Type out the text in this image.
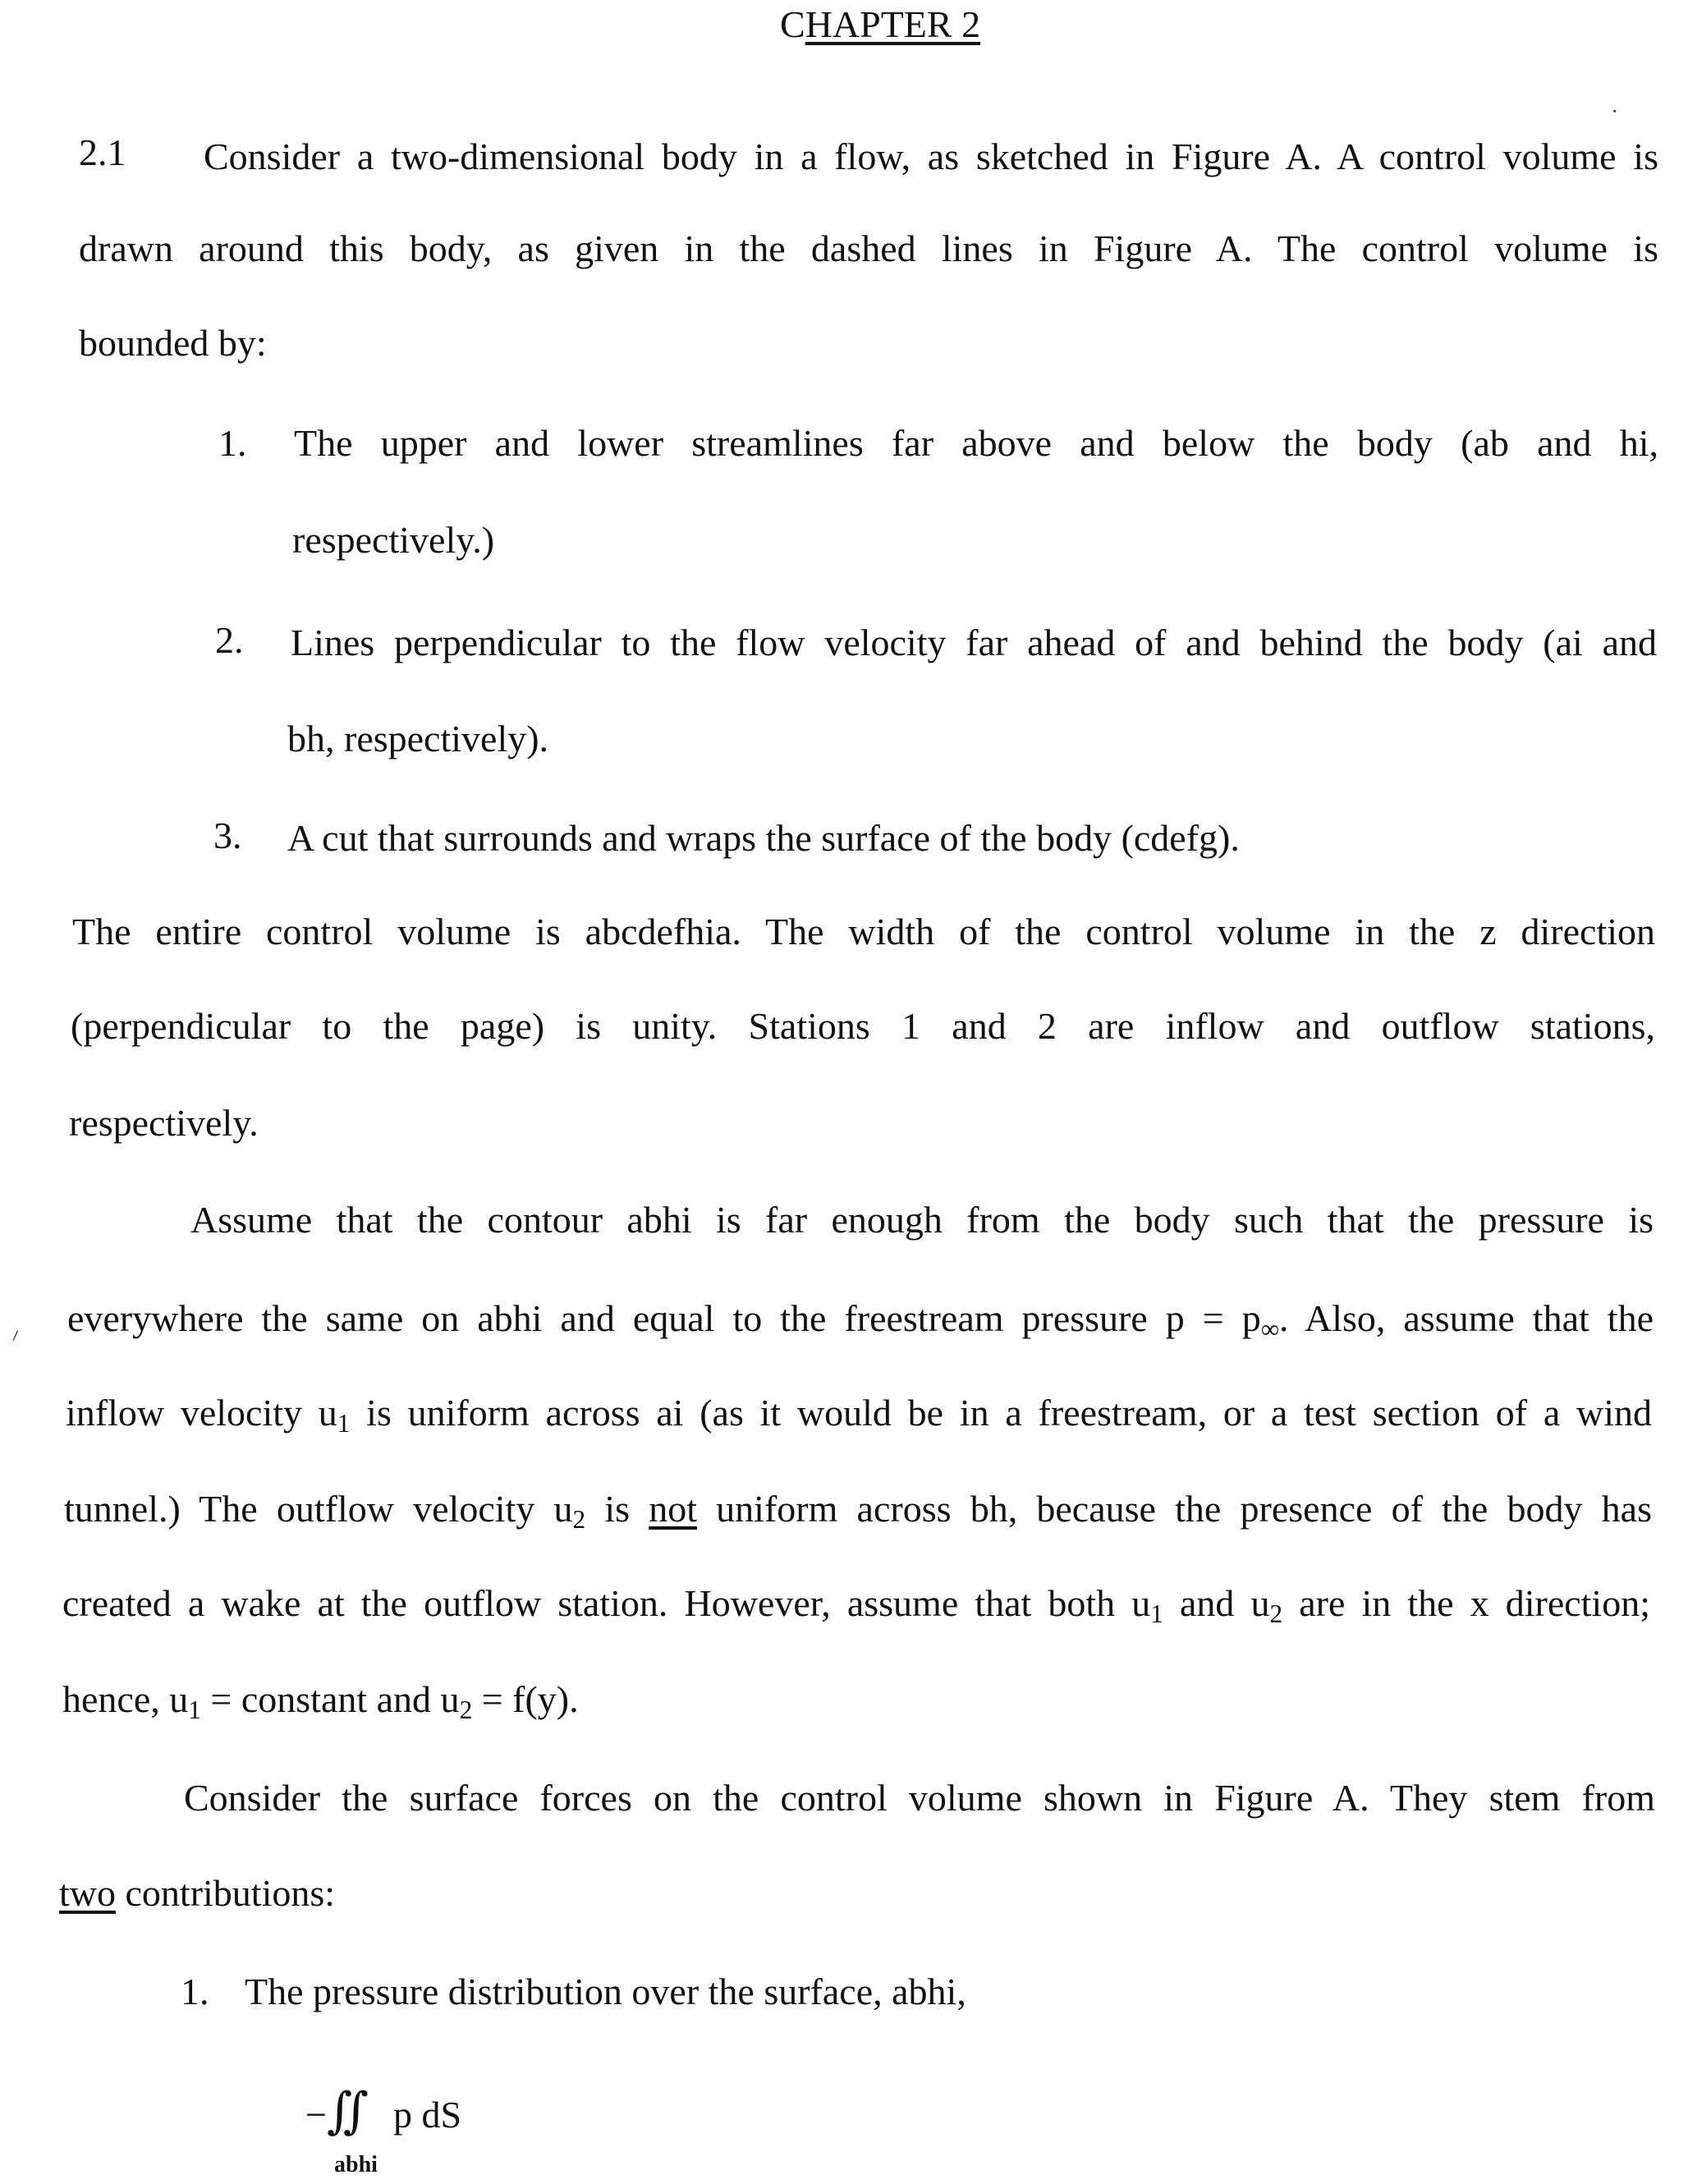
CHAPTER 2
2.1 Consider a two-dimensional body in a flow, as sketched in Figure A. A control volume is
drawn around this body, as given in the dashed lines in Figure A. The control volume is
bounded by:
1. The upper and lower streamlines far above and below the body (ab and hi,
respectively.)
2. Lines perpendicular to the flow velocity far ahead of and behind the body (ai and
bh, respectively).
3. A cut that surrounds and wraps the surface of the body (cdefg).
The entire control volume is abcdefhia. The width of the control volume in the z direction
(perpendicular to the page) is unity. Stations 1 and 2 are inflow and outflow stations,
respectively.
Assume that the contour abhi is far enough from the body such that the pressure is
everywhere the same on abhi and equal to the freestream pressure $p = p_\infty$. Also, assume that the
inflow velocity $u_1$ is uniform across ai (as it would be in a freestream, or a test section of a wind
tunnel.) The outflow velocity $u_2$ is not uniform across bh, because the presence of the body has
created a wake at the outflow station. However, assume that both $u_1$ and $u_2$ are in the x direction;
hence, $u_1$ = constant and $u_2 = f(y)$.
Consider the surface forces on the control volume shown in Figure A. They stem from
two contributions:
1. The pressure distribution over the surface, abhi,
−∬ p dS
abhi
·
⸝
